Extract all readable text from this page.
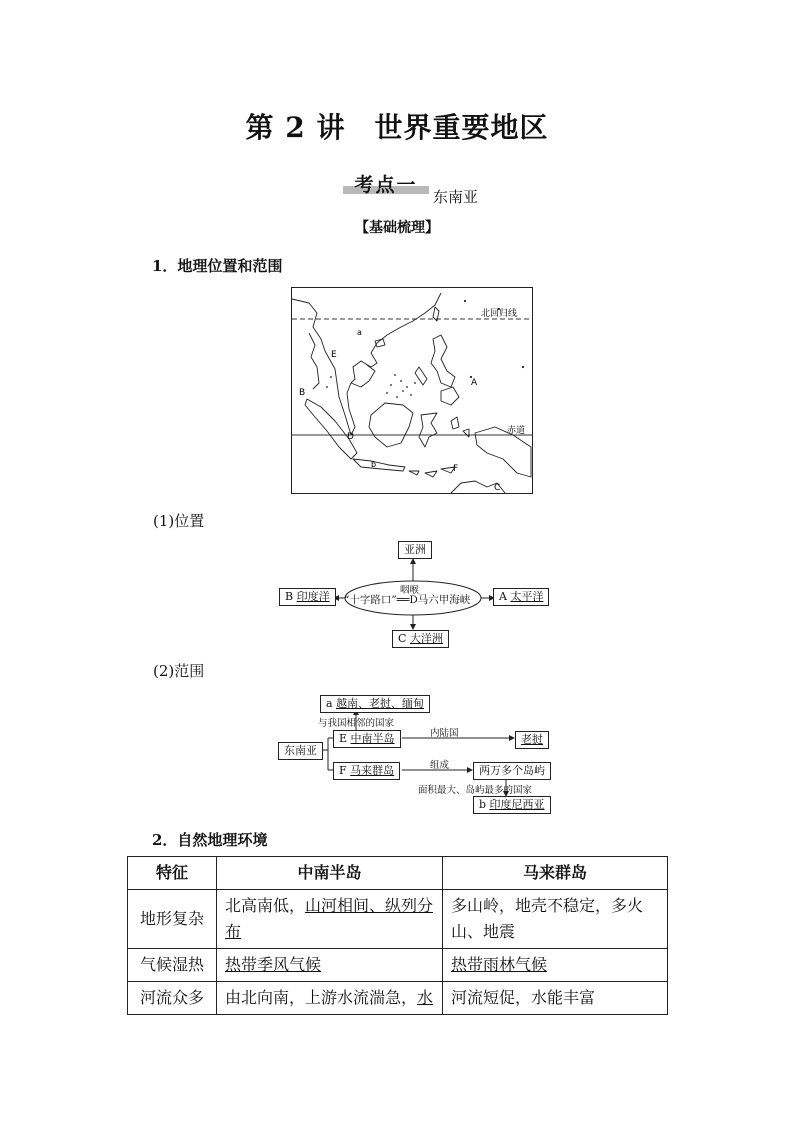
第 2 讲　世界重要地区
考点一
东南亚
【基础梳理】
1．地理位置和范围
北回归线
赤道
A
B
C
D
E
F
a
b
(1)位置
亚洲
B 印度洋	A 太平洋
C 大洋洲
咽喉
“十字路口”══D马六甲海峡
(2)范围
a 越南、老挝、缅甸
与我国相邻的国家
东南亚
E 中南半岛	内陆国	老挝
F 马来群岛	组成	两万多个岛屿
面积最大、岛屿最多的国家
b 印度尼西亚
2．自然地理环境
特征	中南半岛	马来群岛
地形复杂	北高南低，山河相间、纵列分布	多山岭，地壳不稳定，多火山、地震
气候湿热	热带季风气候	热带雨林气候
河流众多	由北向南，上游水流湍急，水	河流短促，水能丰富
